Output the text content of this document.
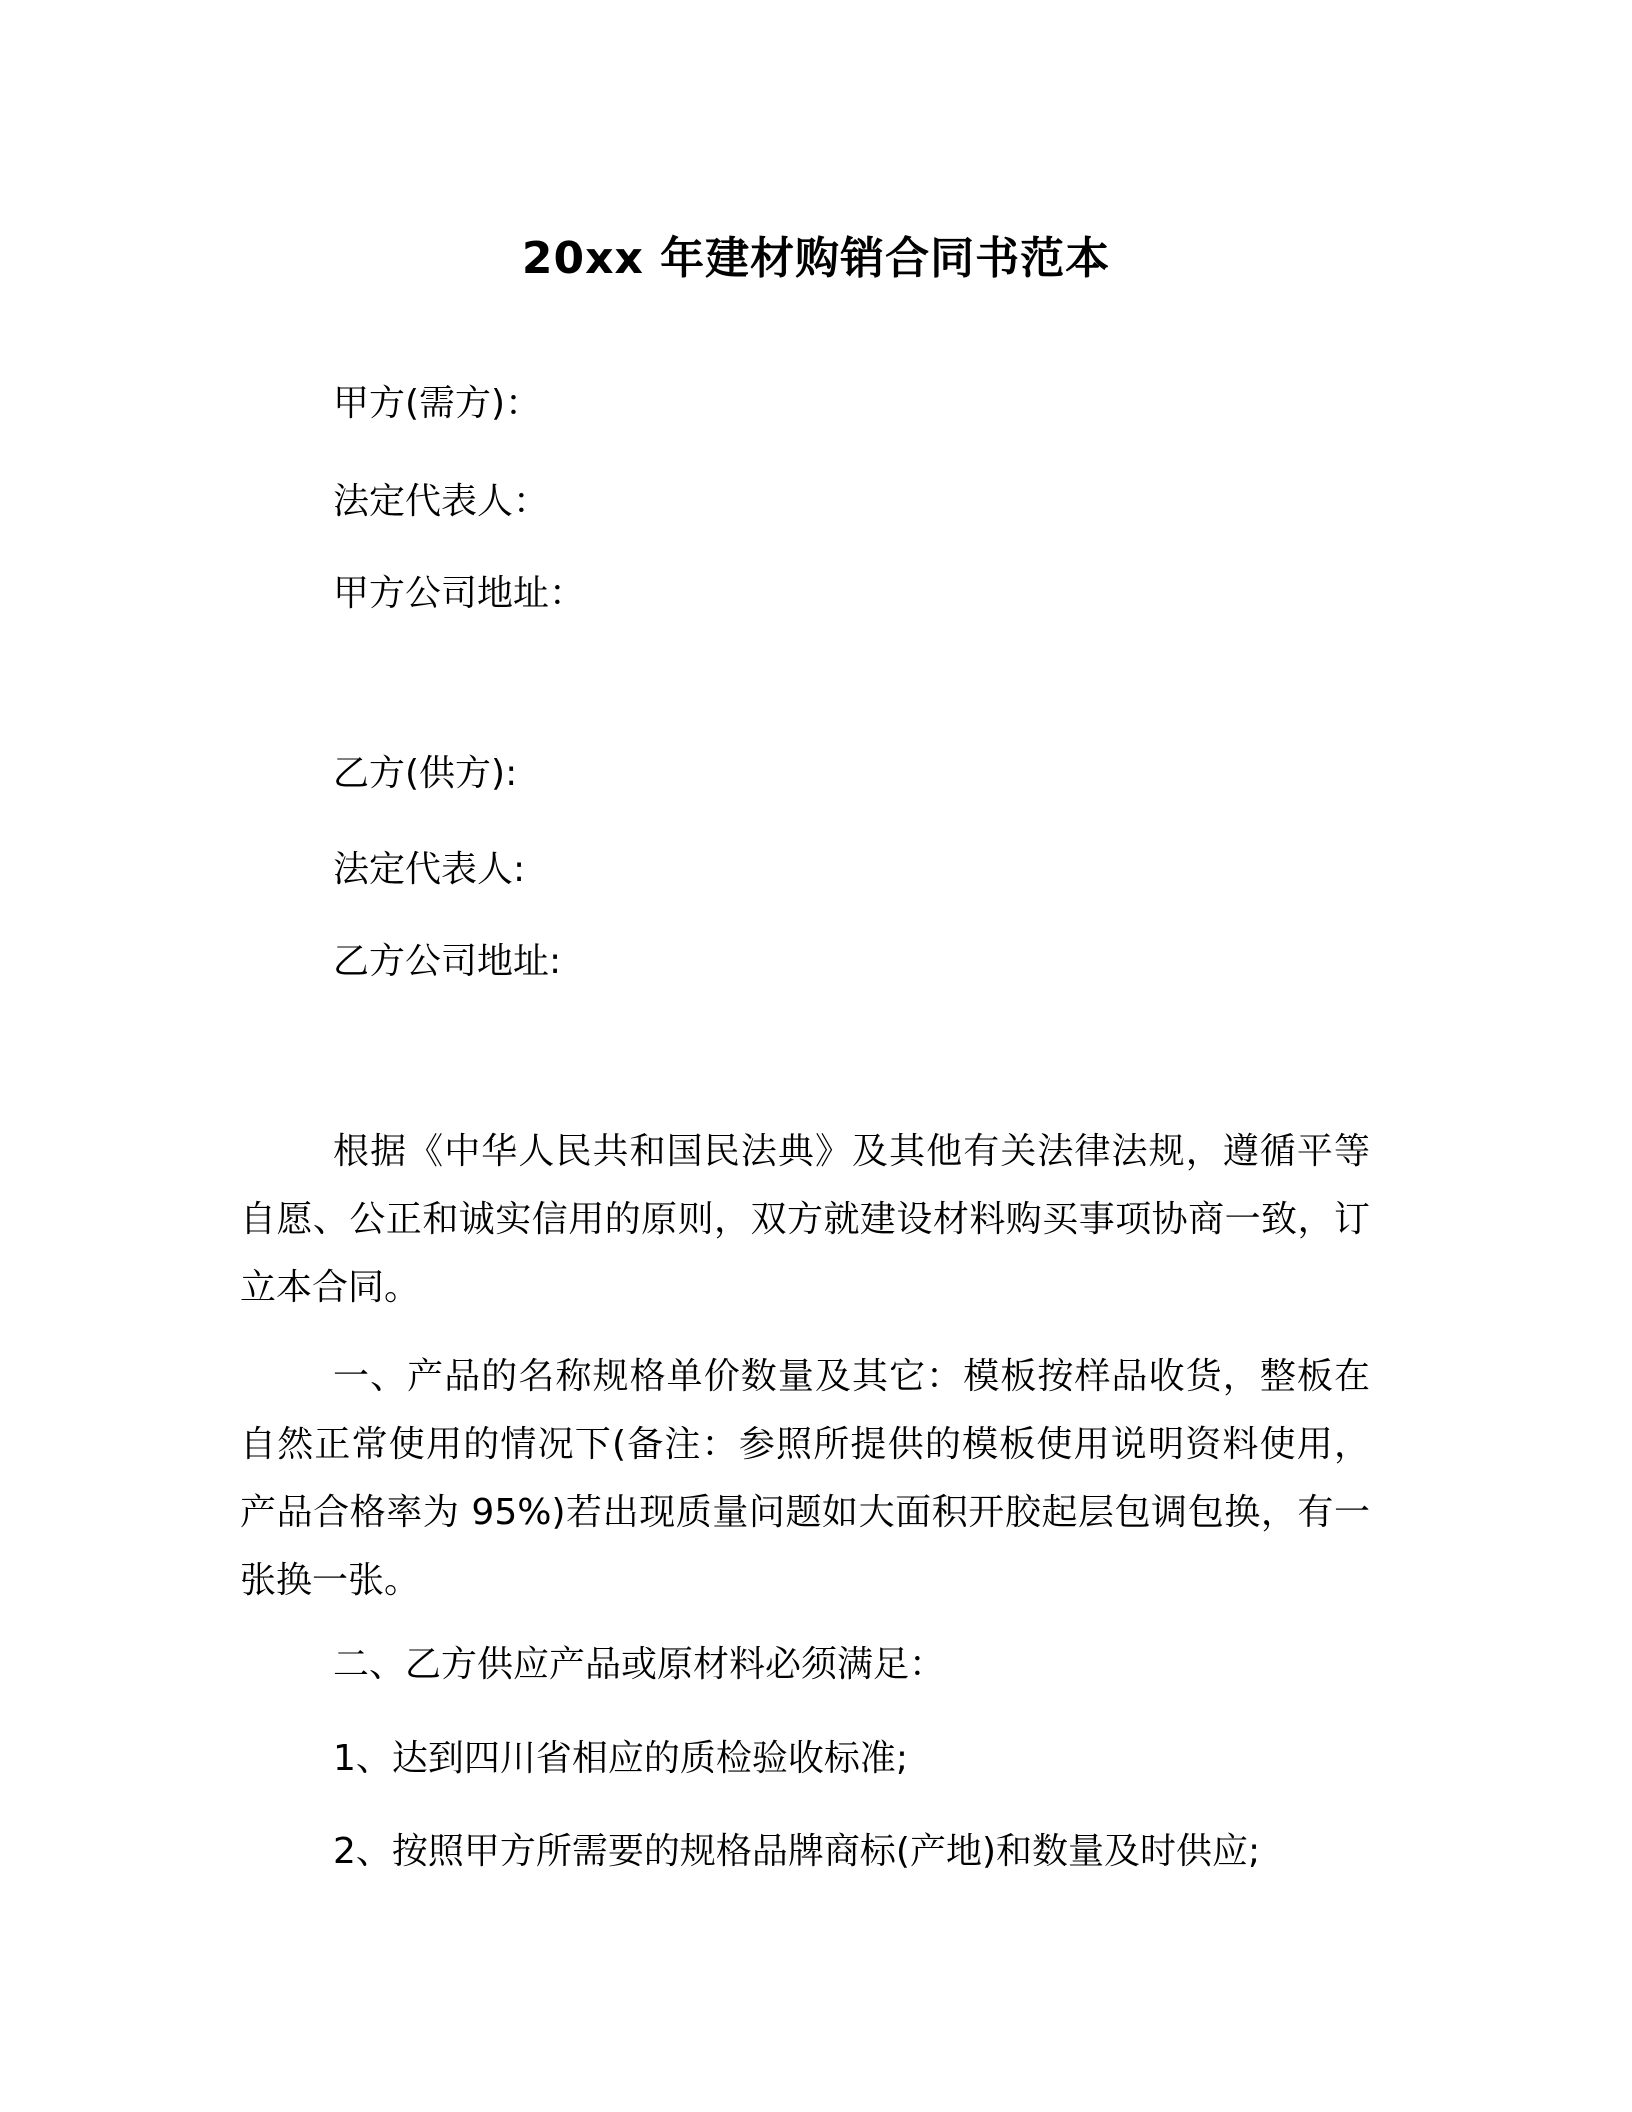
20xx 年建材购销合同书范本
甲方(需方)：
法定代表人：
甲方公司地址：
乙方(供方):
法定代表人:
乙方公司地址:
根据《中华人民共和国民法典》及其他有关法律法规，遵循平等自愿、公正和诚实信用的原则，双方就建设材料购买事项协商一致，订立本合同。
一、产品的名称规格单价数量及其它：模板按样品收货，整板在自然正常使用的情况下(备注：参照所提供的模板使用说明资料使用，产品合格率为 95%)若出现质量问题如大面积开胶起层包调包换，有一张换一张。
二、乙方供应产品或原材料必须满足：
1、达到四川省相应的质检验收标准;
2、按照甲方所需要的规格品牌商标(产地)和数量及时供应;
